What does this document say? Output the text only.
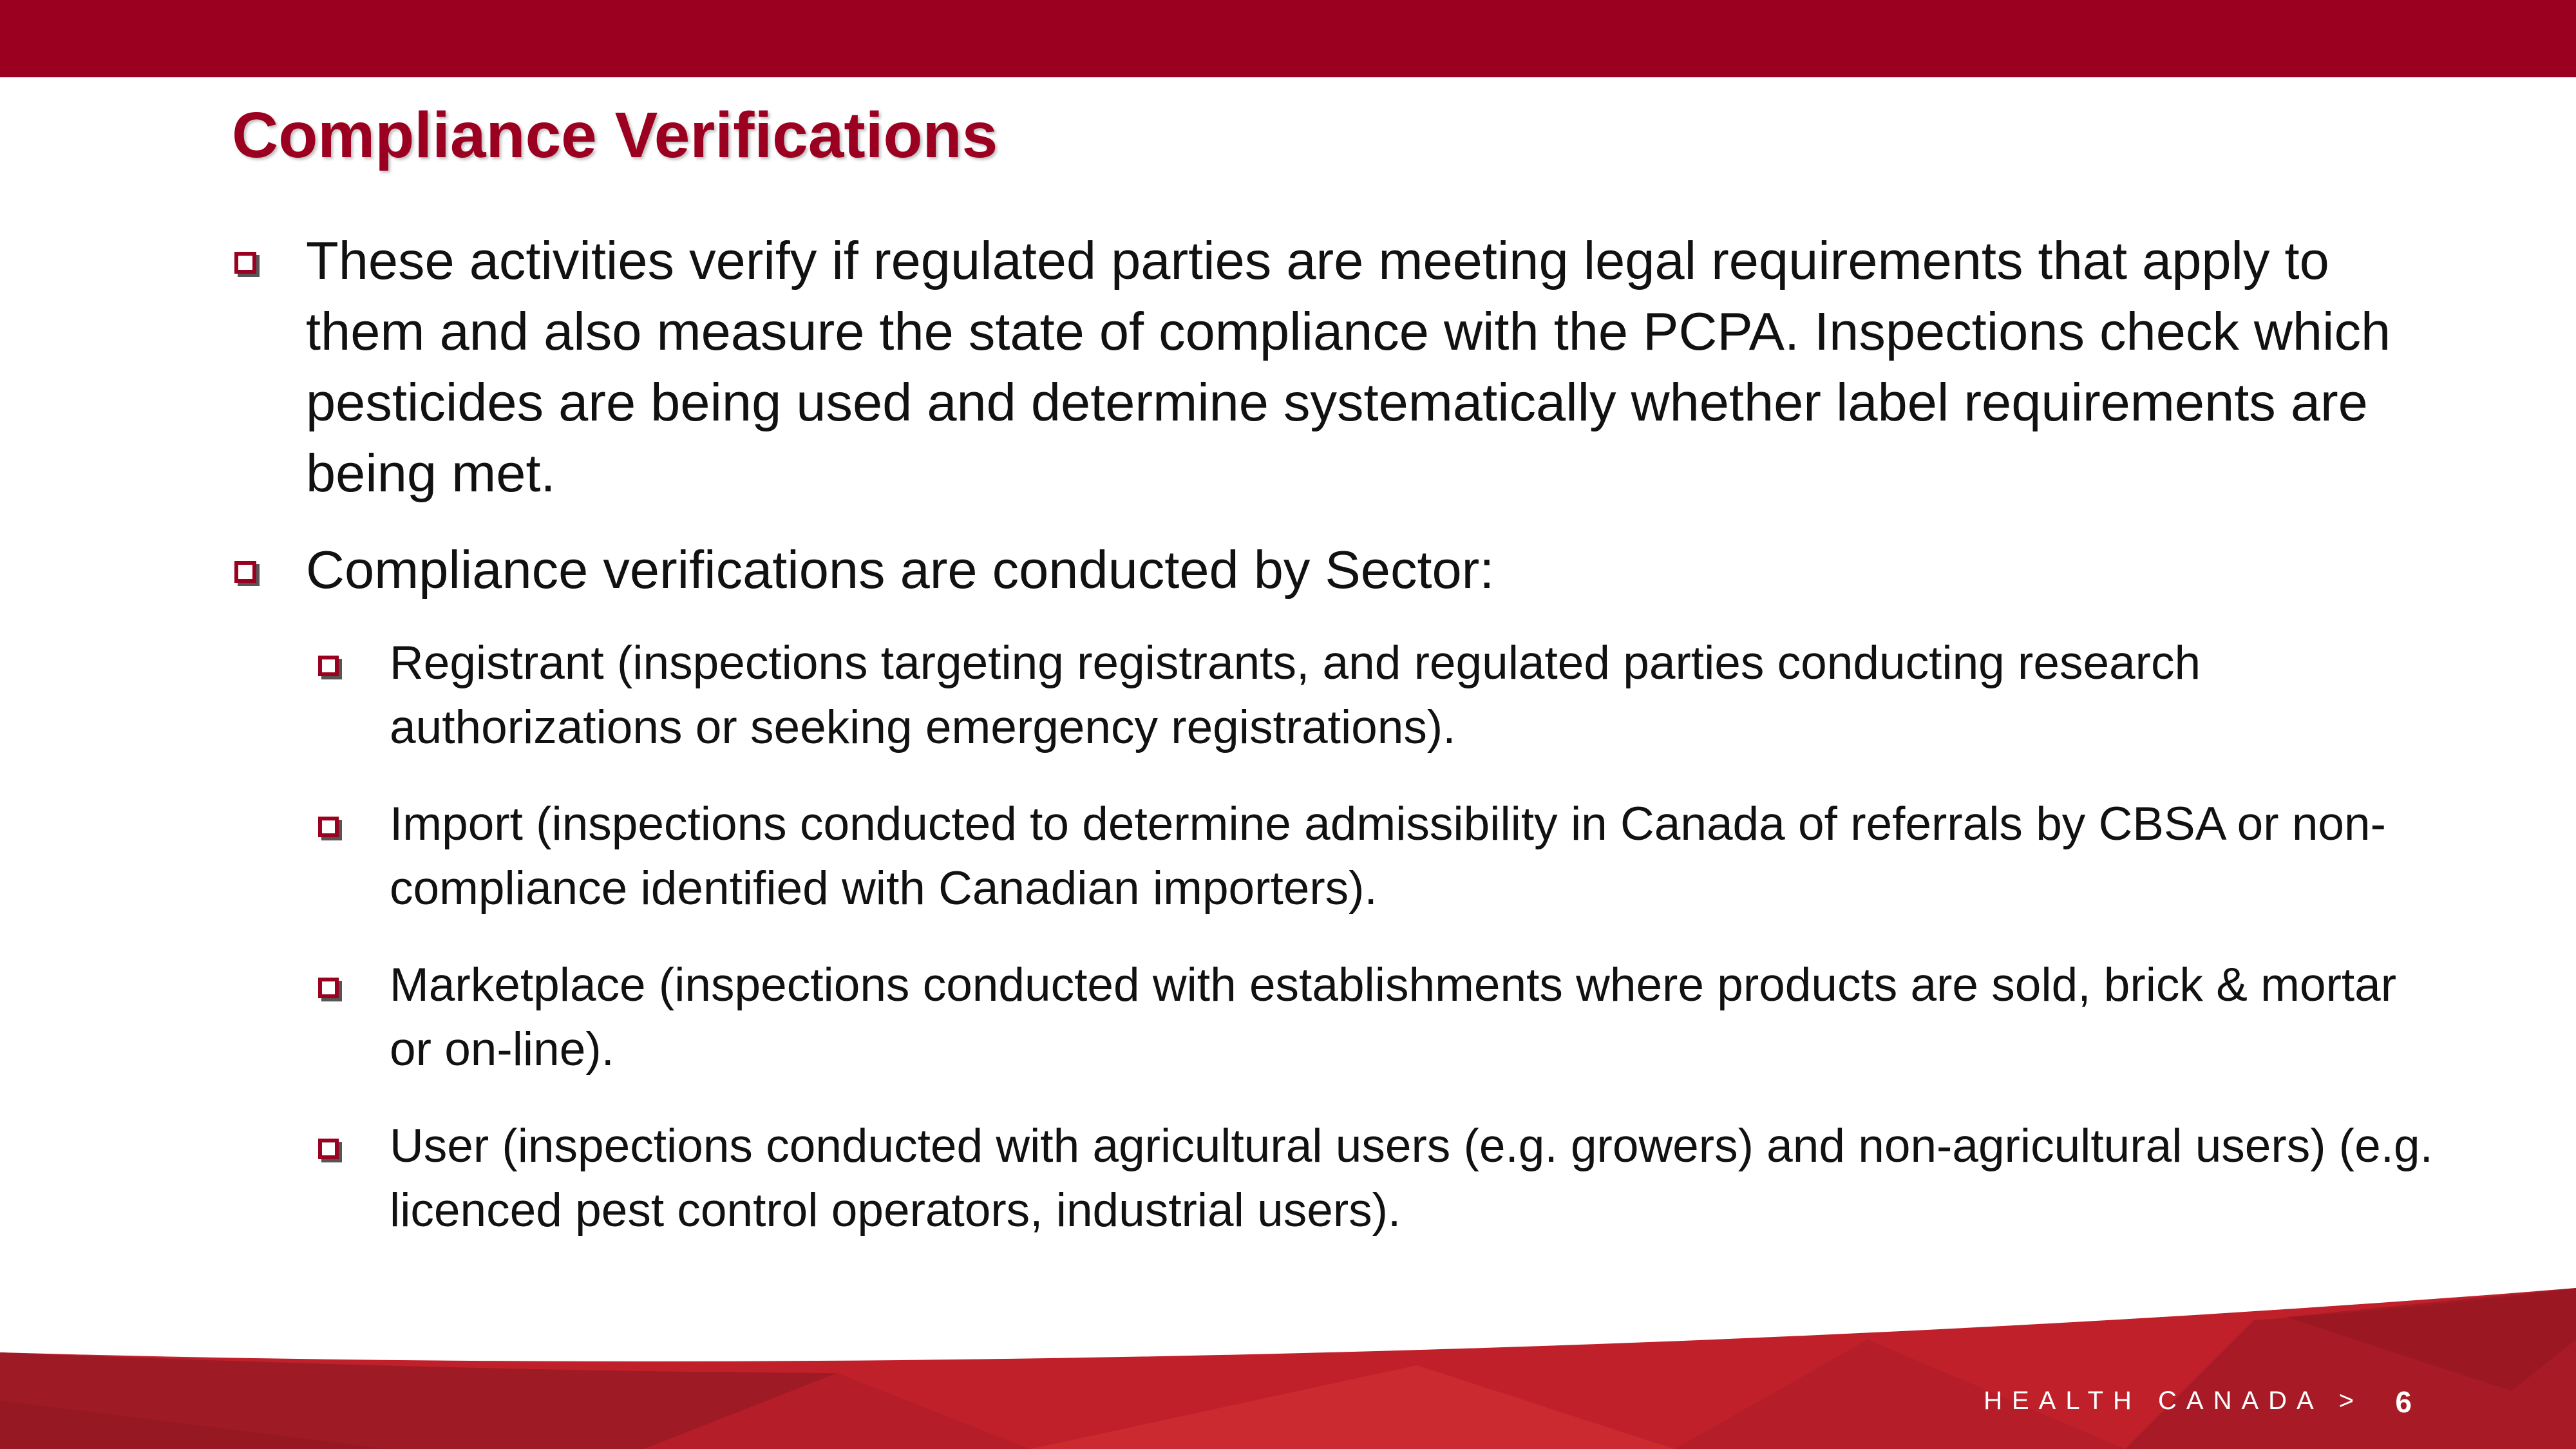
Compliance Verifications
These activities verify if regulated parties are meeting legal requirements that apply to them and also measure the state of compliance with the PCPA. Inspections check which pesticides are being used and determine systematically whether label requirements are being met.
Compliance verifications are conducted by Sector:
Registrant (inspections targeting registrants, and regulated parties conducting research authorizations or seeking emergency registrations).
Import (inspections conducted to determine admissibility in Canada of referrals by CBSA or non-compliance identified with Canadian importers).
Marketplace (inspections conducted with establishments where products are sold, brick & mortar or on-line).
User (inspections conducted with agricultural users (e.g. growers) and non-agricultural users) (e.g. licenced pest control operators, industrial users).
HEALTH CANADA > 6
